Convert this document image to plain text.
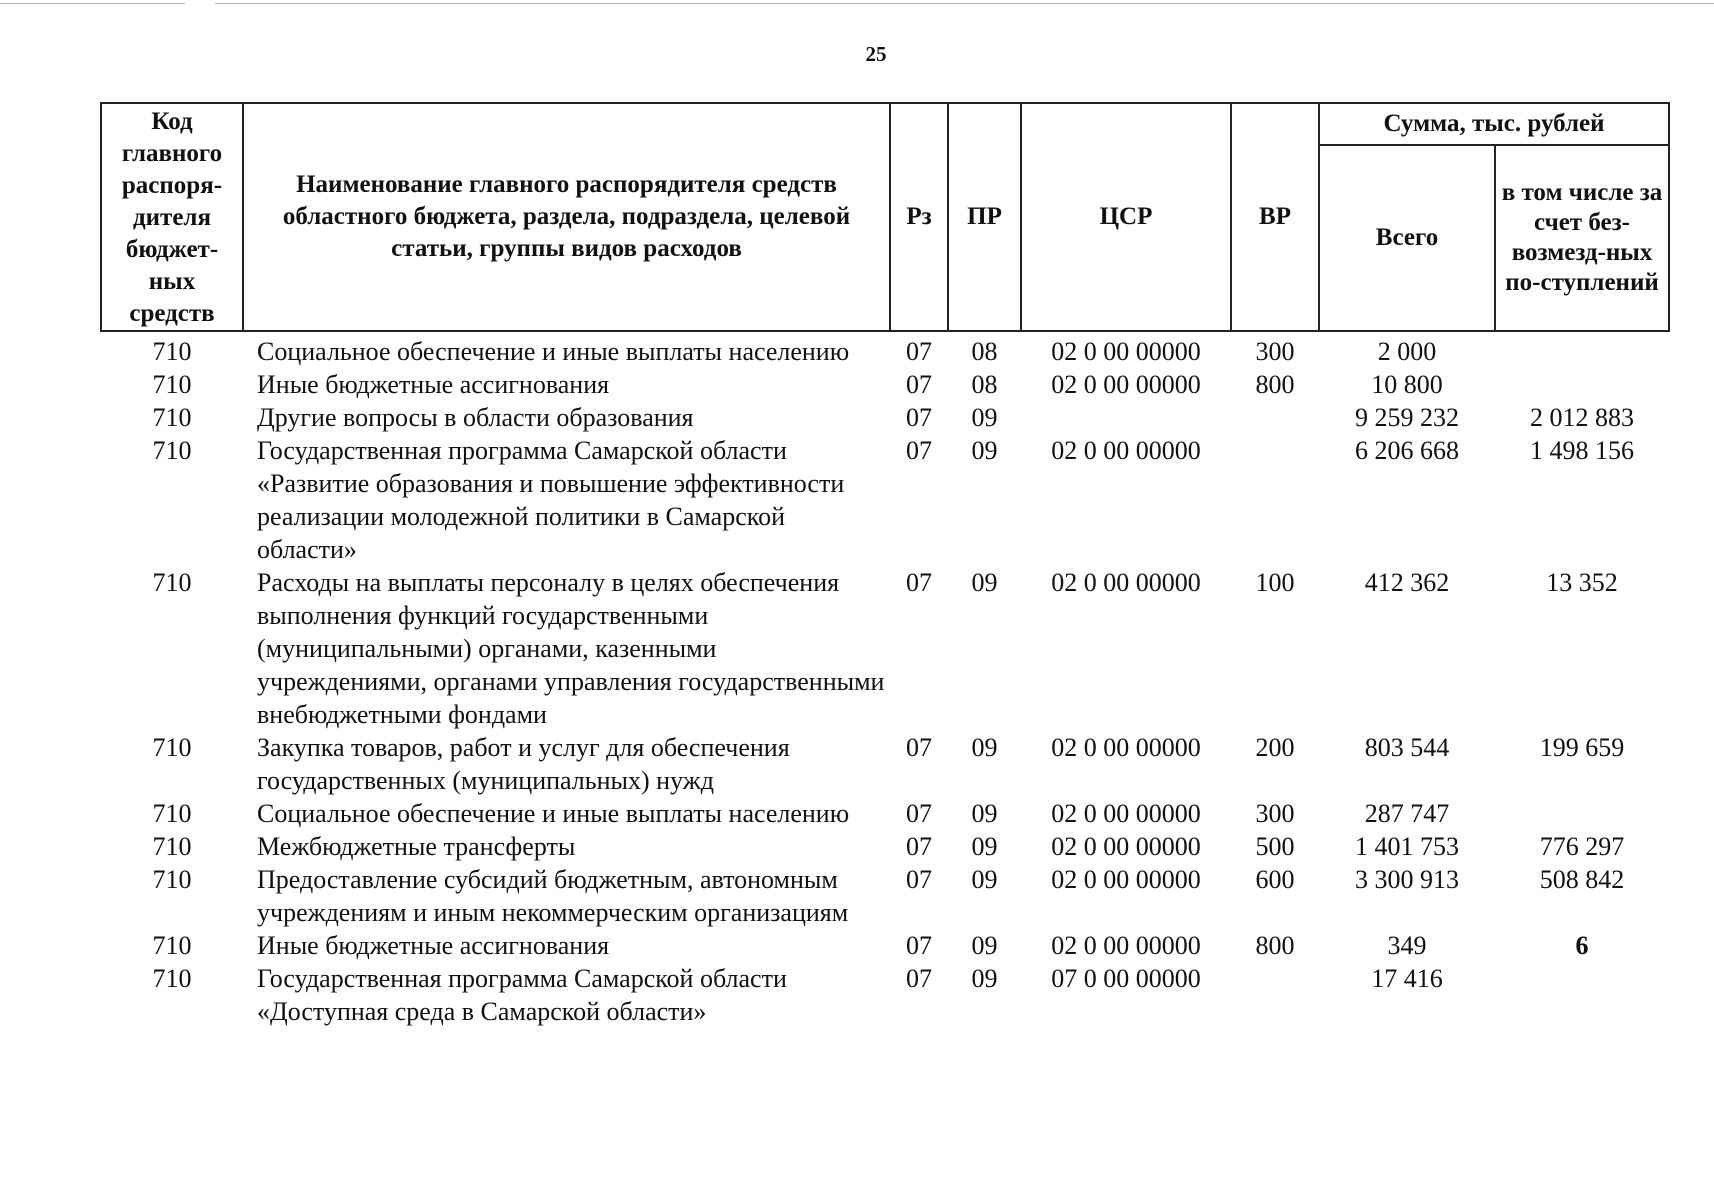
25
Код главного распоря-дителя бюджет-ных средств	Наименование главного распорядителя средств областного бюджета, раздела, подраздела, целевой статьи, группы видов расходов	Рз	ПР	ЦСР	ВР	Сумма, тыс. рублей	
						Всего	в том числе за счет без-возмезд-ных по-ступлений
710	Социальное обеспечение и иные выплаты населению	07	08	02 0 00 00000	300	2 000	
710	Иные бюджетные ассигнования	07	08	02 0 00 00000	800	10 800	
710	Другие вопросы в области образования	07	09			9 259 232	2 012 883
710	Государственная программа Самарской области «Развитие образования и повышение эффективности реализации молодежной политики в Самарской области»	07	09	02 0 00 00000		6 206 668	1 498 156
710	Расходы на выплаты персоналу в целях обеспечения выполнения функций государственными (муниципальными) органами, казенными учреждениями, органами управления государственными внебюджетными фондами	07	09	02 0 00 00000	100	412 362	13 352
710	Закупка товаров, работ и услуг для обеспечения государственных (муниципальных) нужд	07	09	02 0 00 00000	200	803 544	199 659
710	Социальное обеспечение и иные выплаты населению	07	09	02 0 00 00000	300	287 747	
710	Межбюджетные трансферты	07	09	02 0 00 00000	500	1 401 753	776 297
710	Предоставление субсидий бюджетным, автономным учреждениям и иным некоммерческим организациям	07	09	02 0 00 00000	600	3 300 913	508 842
710	Иные бюджетные ассигнования	07	09	02 0 00 00000	800	349	6
710	Государственная программа Самарской области «Доступная среда в Самарской области»	07	09	07 0 00 00000		17 416	
